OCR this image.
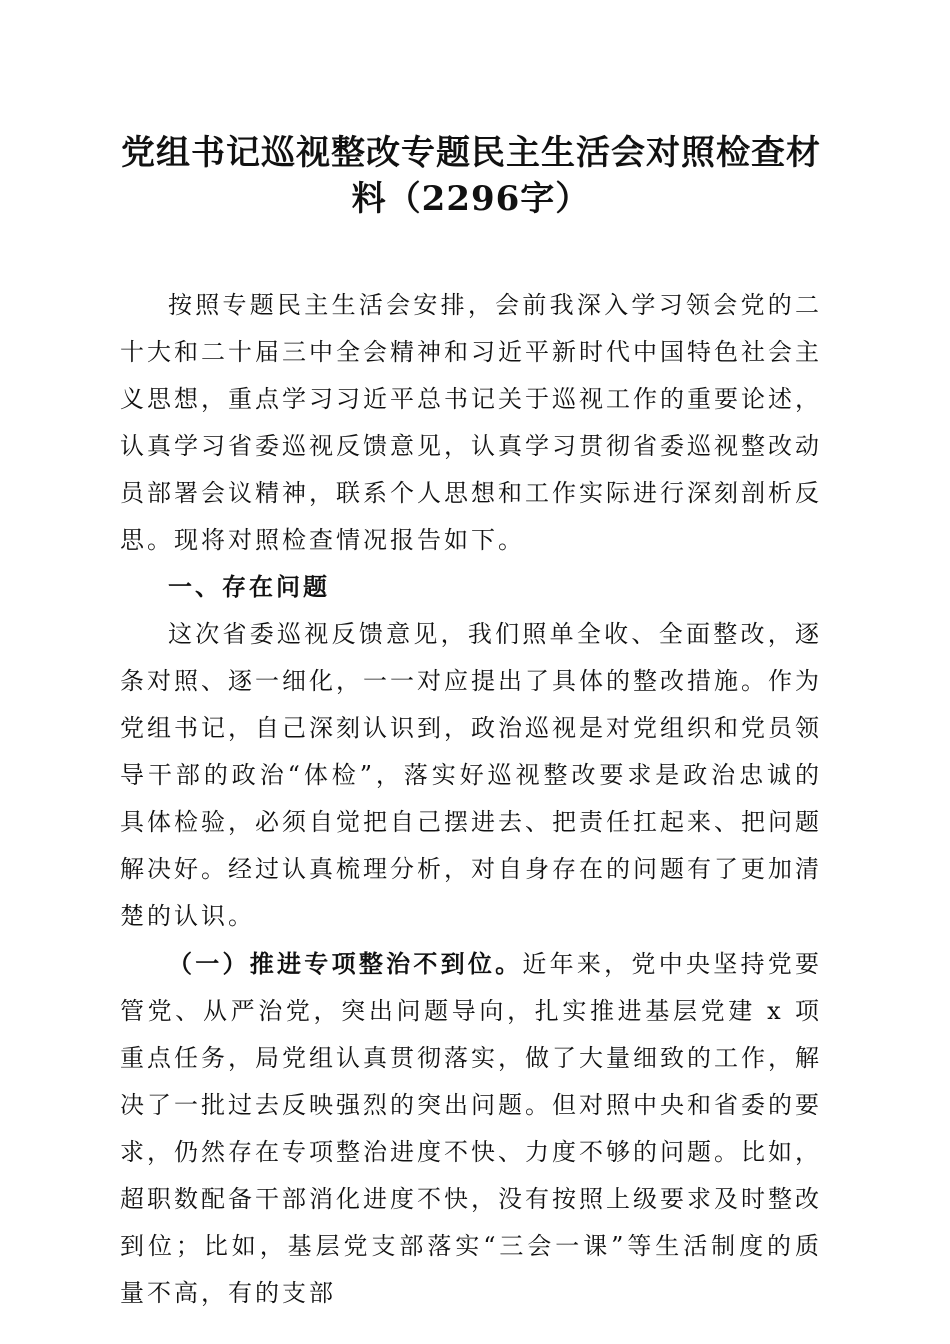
党组书记巡视整改专题民主生活会对照检查材料（2296字）

按照专题民主生活会安排，会前我深入学习领会党的二十大和二十届三中全会精神和习近平新时代中国特色社会主义思想，重点学习习近平总书记关于巡视工作的重要论述，认真学习省委巡视反馈意见，认真学习贯彻省委巡视整改动员部署会议精神，联系个人思想和工作实际进行深刻剖析反思。现将对照检查情况报告如下。

一、存在问题

这次省委巡视反馈意见，我们照单全收、全面整改，逐条对照、逐一细化，一一对应提出了具体的整改措施。作为党组书记，自己深刻认识到，政治巡视是对党组织和党员领导干部的政治“体检”，落实好巡视整改要求是政治忠诚的具体检验，必须自觉把自己摆进去、把责任扛起来、把问题解决好。经过认真梳理分析，对自身存在的问题有了更加清楚的认识。

（一）推进专项整治不到位。近年来，党中央坚持党要管党、从严治党，突出问题导向，扎实推进基层党建 x 项重点任务，局党组认真贯彻落实，做了大量细致的工作，解决了一批过去反映强烈的突出问题。但对照中央和省委的要求，仍然存在专项整治进度不快、力度不够的问题。比如，超职数配备干部消化进度不快，没有按照上级要求及时整改到位；比如，基层党支部落实“三会一课”等生活制度的质量不高，有的支部
